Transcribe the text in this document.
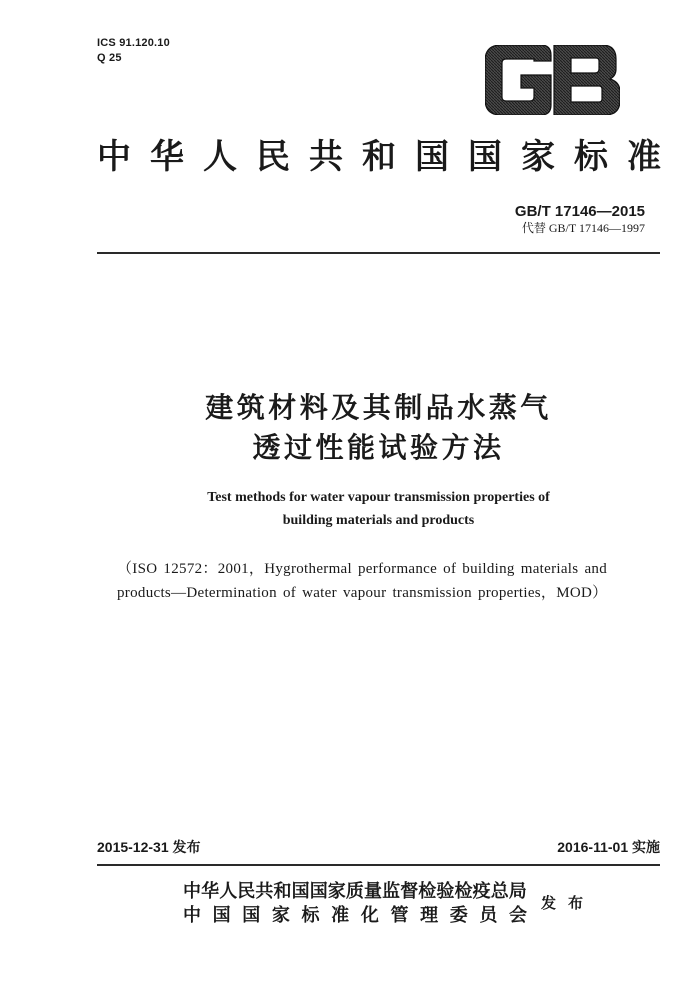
ICS 91.120.10
Q 25
中华人民共和国国家标准
GB/T 17146—2015
代替 GB/T 17146—1997
建筑材料及其制品水蒸气
透过性能试验方法
Test methods for water vapour transmission properties of
building materials and products
（ISO 12572：2001，Hygrothermal performance of building materials and
products—Determination of water vapour transmission properties，MOD）
2015-12-31 发布	2016-11-01 实施
中华人民共和国国家质量监督检验检疫总局
中 国 国 家 标 准 化 管 理 委 员 会
发 布
